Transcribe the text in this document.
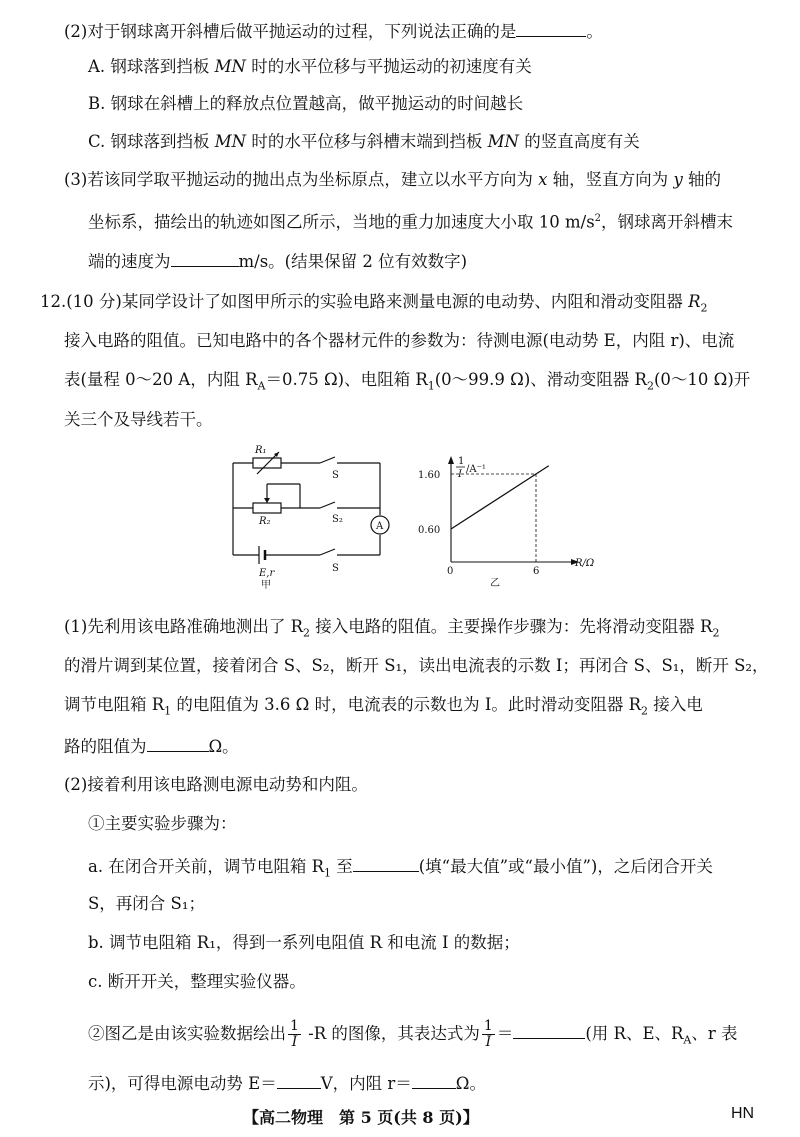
(2)对于钢球离开斜槽后做平抛运动的过程，下列说法正确的是	。
A. 钢球落到挡板 MN 时的水平位移与平抛运动的初速度有关
B. 钢球在斜槽上的释放点位置越高，做平抛运动的时间越长
C. 钢球落到挡板 MN 时的水平位移与斜槽末端到挡板 MN 的竖直高度有关
(3)若该同学取平抛运动的抛出点为坐标原点，建立以水平方向为 x 轴，竖直方向为 y 轴的
坐标系，描绘出的轨迹如图乙所示，当地的重力加速度大小取 10 $m/s^2$，钢球离开斜槽末
端的速度为	m/s。(结果保留 2 位有效数字)
12.(10 分)某同学设计了如图甲所示的实验电路来测量电源的电动势、内阻和滑动变阻器 $R_2$
接入电路的阻值。已知电路中的各个器材元件的参数为：待测电源(电动势 E，内阻 r)、电流
表(量程 0～20 A，内阻 $R_A=0.75$ Ω)、电阻箱 $R_1(0\sim 99.9$ Ω)、滑动变阻器 $R_2(0\sim 10$ Ω)开
关三个及导线若干。
R₁
R₂
S
S₂
A
E,r	S
甲
1
I /A⁻¹
1.60
0.60
0	6
R/Ω
乙
(1)先利用该电路准确地测出了 $R_2$ 接入电路的阻值。主要操作步骤为：先将滑动变阻器 $R_2$
的滑片调到某位置，接着闭合 S、S₂，断开 S₁，读出电流表的示数 I；再闭合 S、S₁，断开 S₂，
调节电阻箱 $R_1$ 的电阻值为 3.6 Ω 时，电流表的示数也为 I。此时滑动变阻器 $R_2$ 接入电
路的阻值为	Ω。
(2)接着利用该电路测电源电动势和内阻。
①主要实验步骤为：
a. 在闭合开关前，调节电阻箱 $R_1$ 至	(填“最大值”或“最小值”)，之后闭合开关
S，再闭合 S₁；
b. 调节电阻箱 R₁，得到一系列电阻值 R 和电流 I 的数据；
c. 断开开关，整理实验仪器。
②图乙是由该实验数据绘出 $\frac{1}{I} -R$ 的图像，其表达式为 $\frac{1}{I}$ ＝	(用 R、E、$R_A$、r 表
示)，可得电源电动势 E＝	V，内阻 r＝	Ω。
【高二物理　第 5 页(共 8 页)】	HN
